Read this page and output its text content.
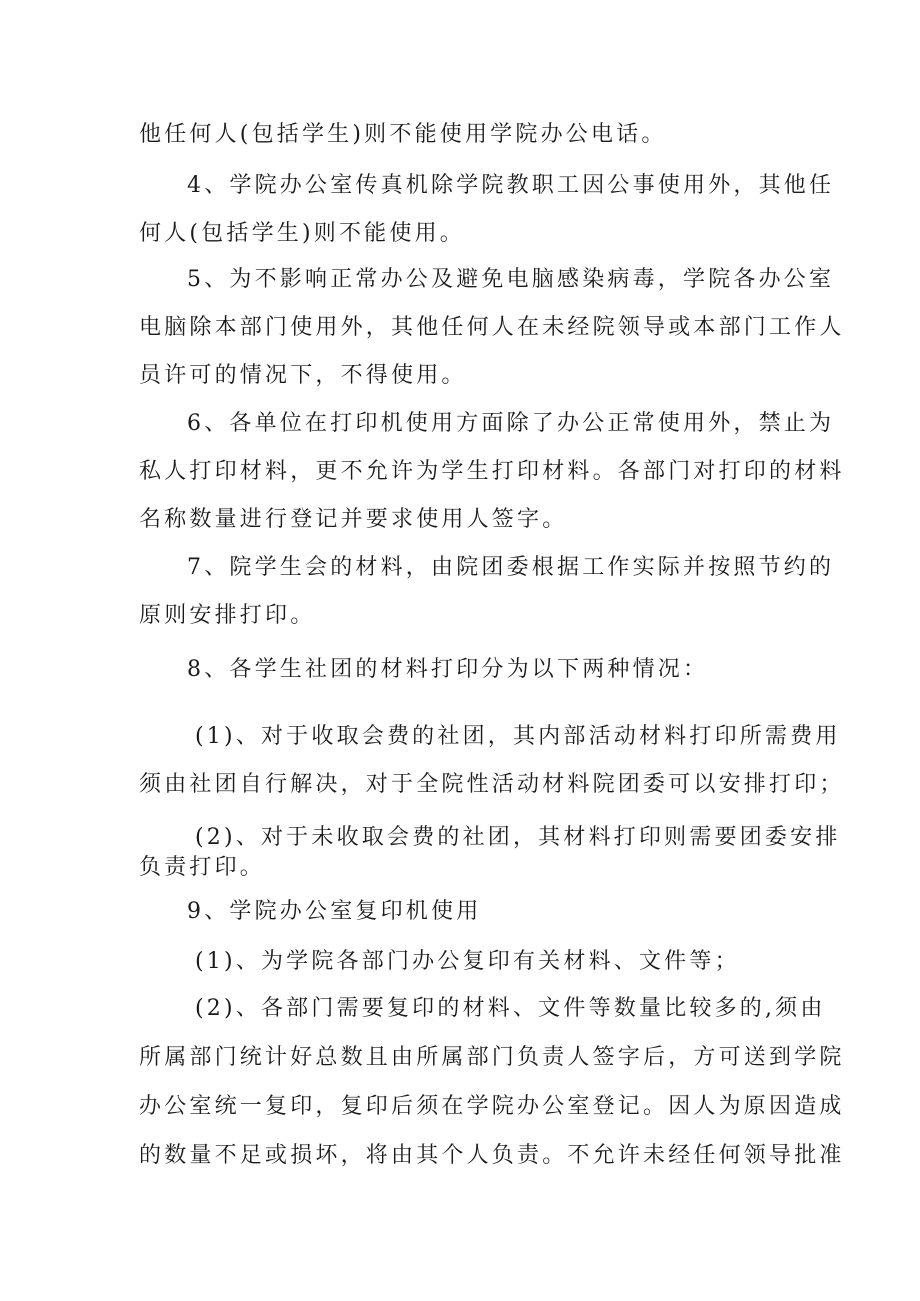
他任何人(包括学生)则不能使用学院办公电话。
4、学院办公室传真机除学院教职工因公事使用外，其他任
何人(包括学生)则不能使用。
5、为不影响正常办公及避免电脑感染病毒，学院各办公室
电脑除本部门使用外，其他任何人在未经院领导或本部门工作人
员许可的情况下，不得使用。
6、各单位在打印机使用方面除了办公正常使用外，禁止为
私人打印材料，更不允许为学生打印材料。各部门对打印的材料
名称数量进行登记并要求使用人签字。
7、院学生会的材料，由院团委根据工作实际并按照节约的
原则安排打印。
8、各学生社团的材料打印分为以下两种情况：
(1)、对于收取会费的社团，其内部活动材料打印所需费用
须由社团自行解决，对于全院性活动材料院团委可以安排打印；
(2)、对于未收取会费的社团，其材料打印则需要团委安排
负责打印。
9、学院办公室复印机使用
(1)、为学院各部门办公复印有关材料、文件等；
(2)、各部门需要复印的材料、文件等数量比较多的,须由
所属部门统计好总数且由所属部门负责人签字后，方可送到学院
办公室统一复印，复印后须在学院办公室登记。因人为原因造成
的数量不足或损坏，将由其个人负责。不允许未经任何领导批准
